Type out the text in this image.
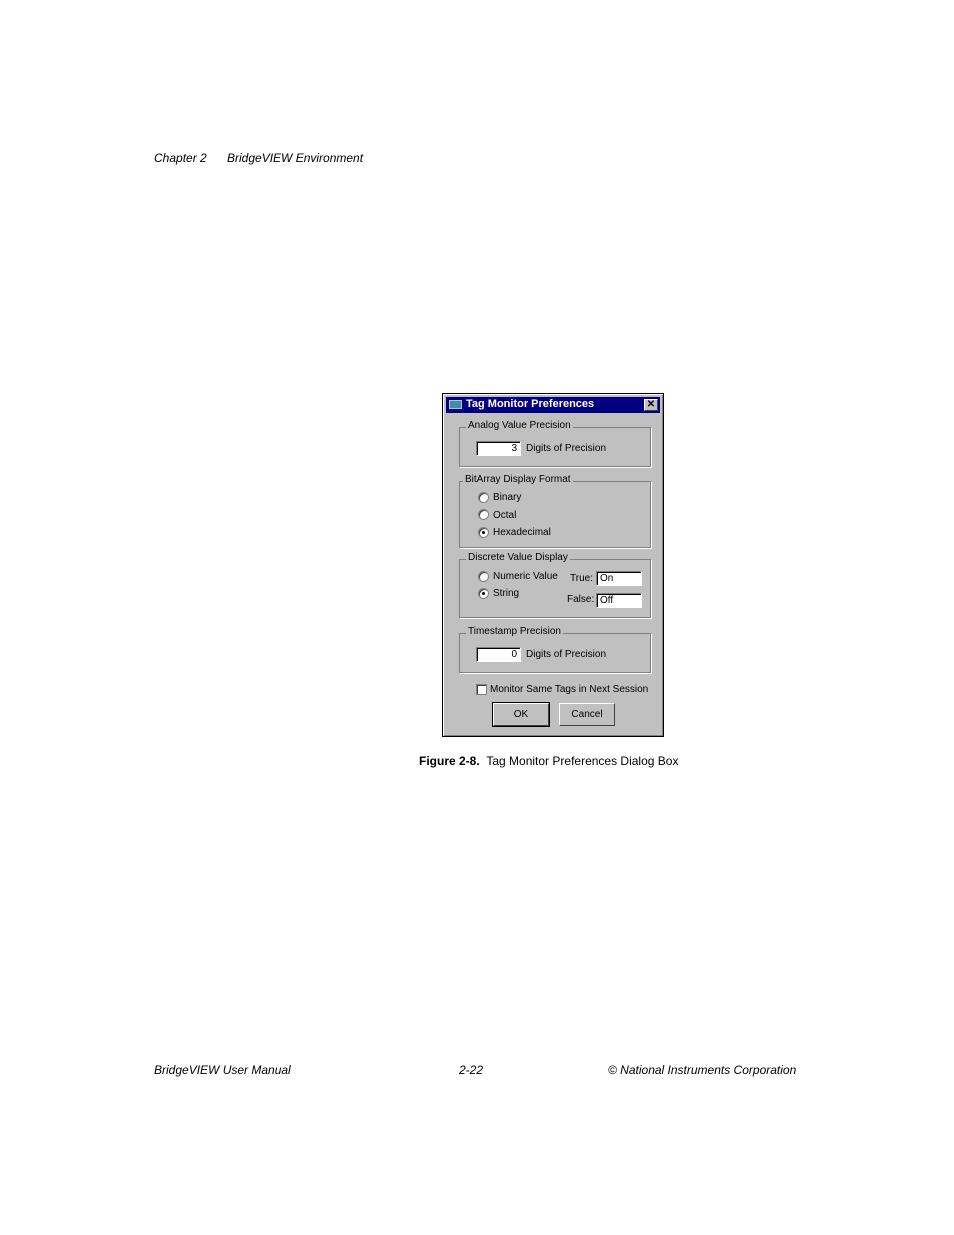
Chapter 2 BridgeVIEW Environment
Tag Monitor Preferences	✕
Analog Value Precision
3
Digits of Precision
BitArray Display Format
Binary
Octal
Hexadecimal
Discrete Value Display
Numeric Value
String
True:
On
False:
Off
Timestamp Precision
0
Digits of Precision
Monitor Same Tags in Next Session
OK	Cancel
Figure 2-8. Tag Monitor Preferences Dialog Box
BridgeVIEW User Manual	2-22	© National Instruments Corporation
